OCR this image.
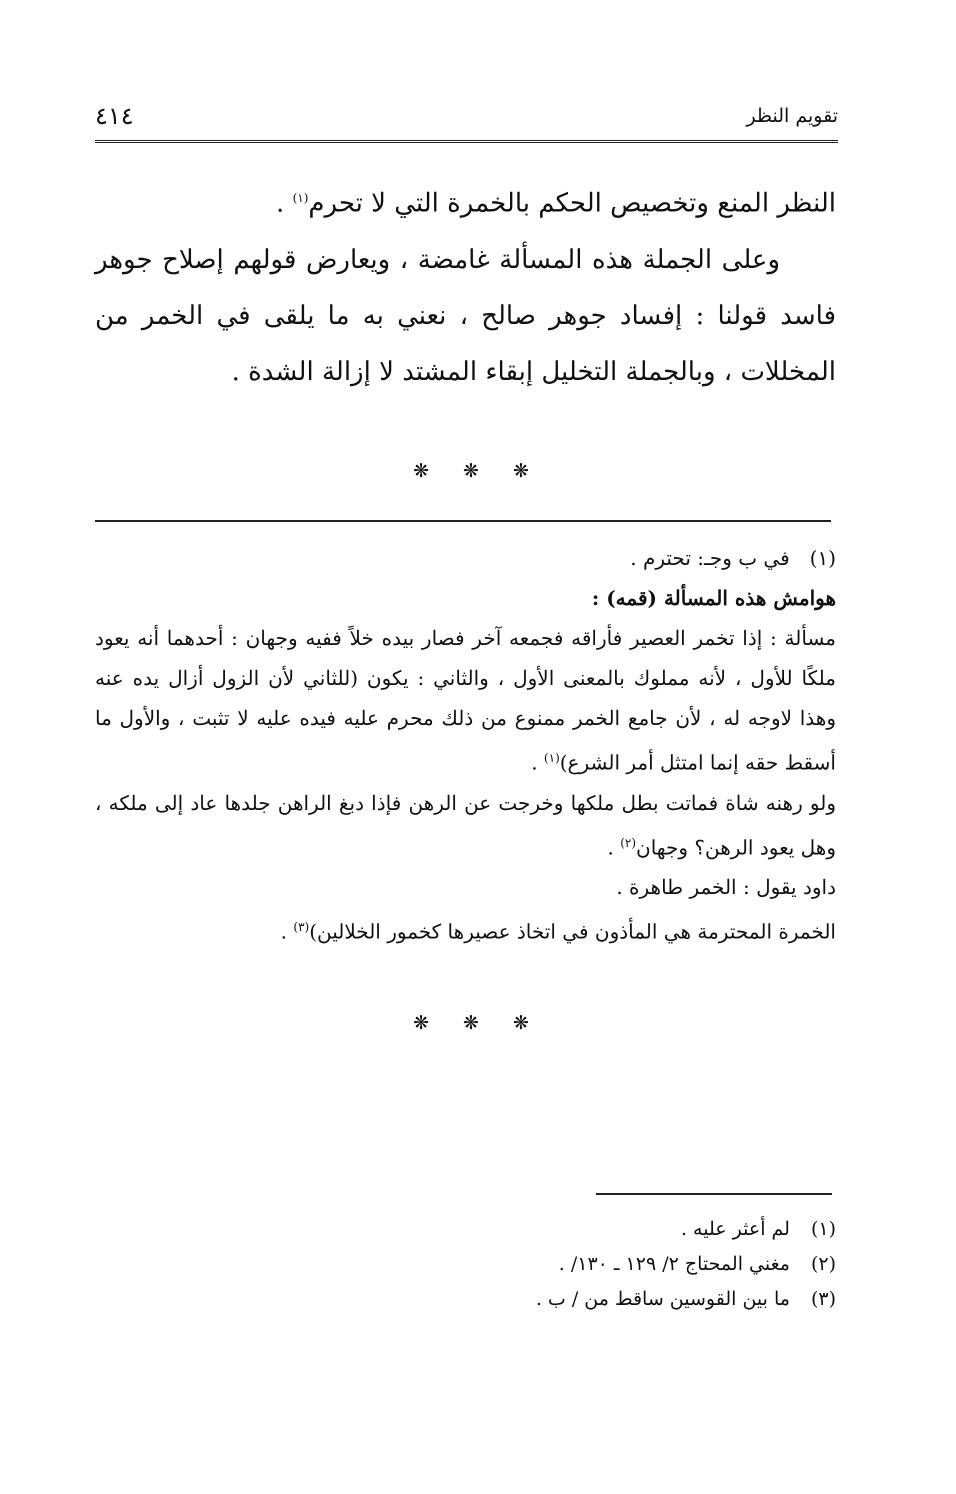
تقويم النظر
٤١٤

النظر المنع وتخصيص الحكم بالخمرة التي لا تحرم$^{(١)}$ .

وعلى الجملة هذه المسألة غامضة ، ويعارض قولهم إصلاح جوهر فاسد قولنا : إفساد جوهر صالح ، نعني به ما يلقى في الخمر من المخللات ، وبالجملة التخليل إبقاء المشتد لا إزالة الشدة .

❋ ❋ ❋
(١) في ب وجـ: تحترم .
هوامش هذه المسألة (قمه) :
مسألة : إذا تخمر العصير فأراقه فجمعه آخر فصار بيده خلاً ففيه وجهان : أحدهما أنه يعود ملكًا للأول ، لأنه مملوك بالمعنى الأول ، والثاني : يكون (للثاني لأن الزول أزال يده عنه وهذا لاوجه له ، لأن جامع الخمر ممنوع من ذلك محرم عليه فيده عليه لا تثبت ، والأول ما أسقط حقه إنما امتثل أمر الشرع)$^{(١)}$ .
ولو رهنه شاة فماتت بطل ملكها وخرجت عن الرهن فإذا دبغ الراهن جلدها عاد إلى ملكه ، وهل يعود الرهن؟ وجهان$^{(٢)}$ .
داود يقول : الخمر طاهرة .
الخمرة المحترمة هي المأذون في اتخاذ عصيرها كخمور الخلالين)$^{(٣)}$ .
❋ ❋ ❋
(١) لم أعثر عليه .
(٢) مغني المحتاج ٢/ ١٢٩ ـ ١٣٠/ .
(٣) ما بين القوسين ساقط من / ب .
